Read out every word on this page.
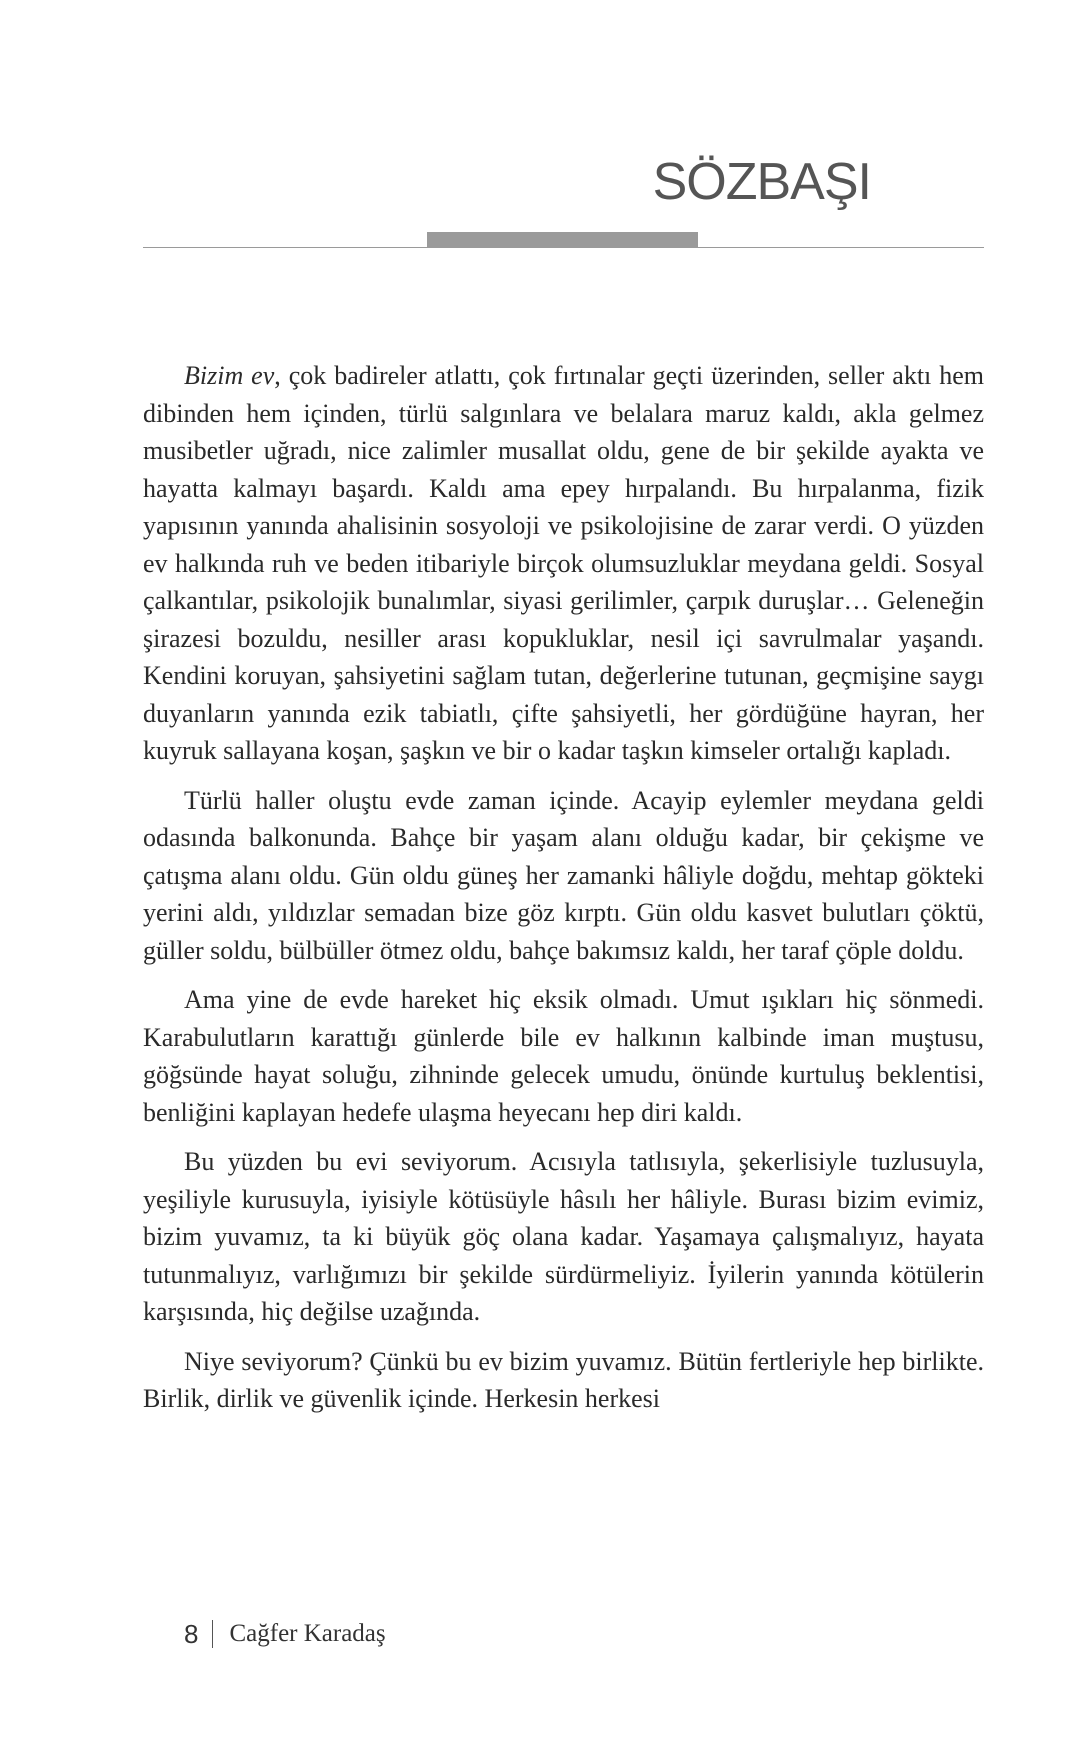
SÖZBAŞI

Bizim ev, çok badireler atlattı, çok fırtınalar geçti üzerinden, seller aktı hem dibinden hem içinden, türlü salgınlara ve belalara maruz kaldı, akla gelmez musibetler uğradı, nice zalimler musallat oldu, gene de bir şekilde ayakta ve hayatta kalmayı başardı. Kaldı ama epey hırpalandı. Bu hırpalanma, fizik yapısının yanında ahalisinin sosyoloji ve psikolojisine de zarar verdi. O yüzden ev halkında ruh ve beden itibariyle birçok olumsuzluklar meydana geldi. Sosyal çalkantılar, psikolojik bunalımlar, siyasi gerilimler, çarpık duruşlar… Geleneğin şirazesi bozuldu, nesiller arası kopukluklar, nesil içi savrulmalar yaşandı. Kendini koruyan, şahsiyetini sağlam tutan, değerlerine tutunan, geçmişine saygı duyanların yanında ezik tabiatlı, çifte şahsiyetli, her gördüğüne hayran, her kuyruk sallayana koşan, şaşkın ve bir o kadar taşkın kimseler ortalığı kapladı.

Türlü haller oluştu evde zaman içinde. Acayip eylemler meydana geldi odasında balkonunda. Bahçe bir yaşam alanı olduğu kadar, bir çekişme ve çatışma alanı oldu. Gün oldu güneş her zamanki hâliyle doğdu, mehtap gökteki yerini aldı, yıldızlar semadan bize göz kırptı. Gün oldu kasvet bulutları çöktü, güller soldu, bülbüller ötmez oldu, bahçe bakımsız kaldı, her taraf çöple doldu.

Ama yine de evde hareket hiç eksik olmadı. Umut ışıkları hiç sönmedi. Karabulutların karattığı günlerde bile ev halkının kalbinde iman muştusu, göğsünde hayat soluğu, zihninde gelecek umudu, önünde kurtuluş beklentisi, benliğini kaplayan hedefe ulaşma heyecanı hep diri kaldı.

Bu yüzden bu evi seviyorum. Acısıyla tatlısıyla, şekerlisiyle tuzlusuyla, yeşiliyle kurusuyla, iyisiyle kötüsüyle hâsılı her hâliyle. Burası bizim evimiz, bizim yuvamız, ta ki büyük göç olana kadar. Yaşamaya çalışmalıyız, hayata tutunmalıyız, varlığımızı bir şekilde sürdürmeliyiz. İyilerin yanında kötülerin karşısında, hiç değilse uzağında.

Niye seviyorum? Çünkü bu ev bizim yuvamız. Bütün fertleriyle hep birlikte. Birlik, dirlik ve güvenlik içinde. Herkesin herkesi

8 Cağfer Karadaş
